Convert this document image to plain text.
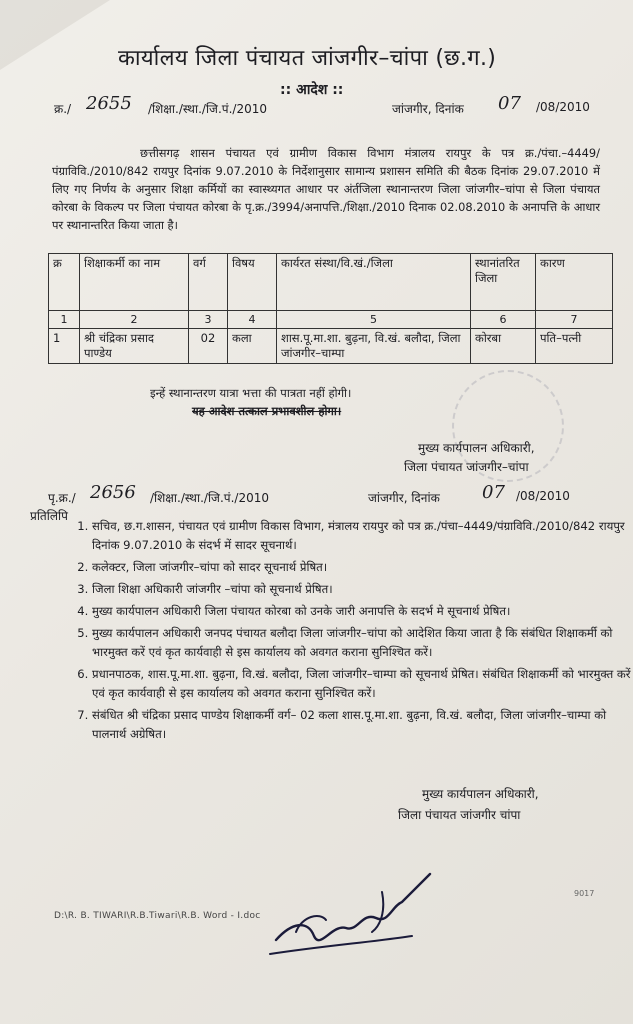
कार्यालय जिला पंचायत जांजगीर–चांपा (छ.ग.)
:: आदेश ::
क्र./ 2655 /शिक्षा./स्था./जि.पं./2010	जांजगीर, दिनांक 07 /08/2010
छत्तीसगढ़ शासन पंचायत एवं ग्रामीण विकास विभाग मंत्रालय रायपुर के पत्र क्र./पंचा.–4449/पंग्राविवि./2010/842 रायपुर दिनांक 9.07.2010 के निर्देशानुसार सामान्य प्रशासन समिति की बैठक दिनांक 29.07.2010 में लिए गए निर्णय के अनुसार शिक्षा कर्मियों का स्वास्थ्यगत आधार पर अंर्तजिला स्थानान्तरण जिला जांजगीर–चांपा से जिला पंचायत कोरबा के विकल्प पर जिला पंचायत कोरबा के पृ.क्र./3994/अनापत्ति./शिक्षा./2010 दिनाक 02.08.2010 के अनापत्ति के आधार पर स्थानान्तरित किया जाता है।
क्र	शिक्षाकर्मी का नाम	वर्ग	विषय	कार्यरत संस्था/वि.खं./जिला	स्थानांतरित जिला	कारण
1	2	3	4	5	6	7
1	श्री चंद्रिका प्रसाद पाण्डेय	02	कला	शास.पू.मा.शा. बुढ़ना, वि.खं. बलौदा, जिला जांजगीर–चाम्पा	कोरबा	पति–पत्नी
इन्हें स्थानान्तरण यात्रा भत्ता की पात्रता नहीं होगी।
यह आदेश तत्काल प्रभावशील होगा।
मुख्य कार्यपालन अधिकारी,
जिला पंचायत जांजगीर–चांपा
पृ.क्र./ 2656 /शिक्षा./स्था./जि.पं./2010	जांजगीर, दिनांक 07 /08/2010
प्रतिलिपि
1. सचिव, छ.ग.शासन, पंचायत एवं ग्रामीण विकास विभाग, मंत्रालय रायपुर को पत्र क्र./पंचा–4449/पंग्राविवि./2010/842 रायपुर दिनांक 9.07.2010 के संदर्भ में सादर सूचनार्थ।
2. कलेक्टर, जिला जांजगीर–चांपा को सादर सूचनार्थ प्रेषित।
3. जिला शिक्षा अधिकारी जांजगीर –चांपा को सूचनार्थ प्रेषित।
4. मुख्य कार्यपालन अधिकारी जिला पंचायत कोरबा को उनके जारी अनापत्ति के सदर्भ मे सूचनार्थ प्रेषित।
5. मुख्य कार्यपालन अधिकारी जनपद पंचायत बलौदा जिला जांजगीर–चांपा को आदेशित किया जाता है कि संबंधित शिक्षाकर्मी को भारमुक्त करें एवं कृत कार्यवाही से इस कार्यालय को अवगत कराना सुनिश्चित करें।
6. प्रधानपाठक, शास.पू.मा.शा. बुढ़ना, वि.खं. बलौदा, जिला जांजगीर–चाम्पा को सूचनार्थ प्रेषित। संबंधित शिक्षाकर्मी को भारमुक्त करें एवं कृत कार्यवाही से इस कार्यालय को अवगत कराना सुनिश्चित करें।
7. संबंधित श्री चंद्रिका प्रसाद पाण्डेय शिक्षाकर्मी वर्ग– 02 कला शास.पू.मा.शा. बुढ़ना, वि.खं. बलौदा, जिला जांजगीर–चाम्पा को पालनार्थ अग्रेषित।
मुख्य कार्यपालन अधिकारी,
जिला पंचायत जांजगीर चांपा
9017
D:\R. B. TIWARI\R.B.Tiwari\R.B. Word - I.doc
